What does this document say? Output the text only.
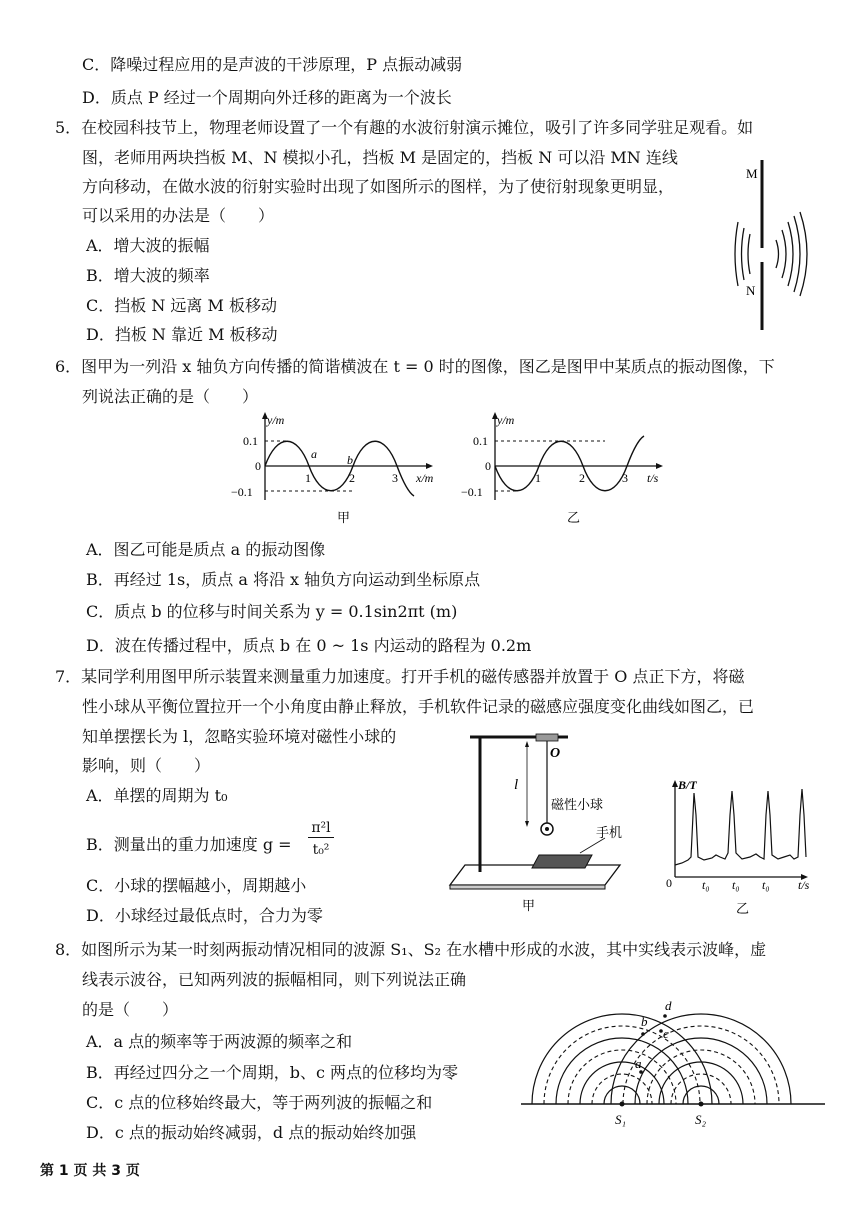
C．降噪过程应用的是声波的干涉原理，P 点振动减弱
D．质点 P 经过一个周期向外迁移的距离为一个波长
5．在校园科技节上，物理老师设置了一个有趣的水波衍射演示摊位，吸引了许多同学驻足观看。如
图，老师用两块挡板 M、N 模拟小孔，挡板 M 是固定的，挡板 N 可以沿 MN 连线
方向移动，在做水波的衍射实验时出现了如图所示的图样，为了使衍射现象更明显，
可以采用的办法是（　　）
A．增大波的振幅
B．增大波的频率
C．挡板 N 远离 M 板移动
D．挡板 N 靠近 M 板移动
M
N
6．图甲为一列沿 x 轴负方向传播的简谐横波在 t = 0 时的图像，图乙是图甲中某质点的振动图像，下
列说法正确的是（　　）
y/m
0.1
0
−0.1
1	2	3 x/m
a	b
甲
y/m
0.1
0
−0.1
1	2	3 t/s
乙
A．图乙可能是质点 a 的振动图像
B．再经过 1s，质点 a 将沿 x 轴负方向运动到坐标原点
C．质点 b 的位移与时间关系为 y = 0.1sin2πt (m)
D．波在传播过程中，质点 b 在 0 ~ 1s 内运动的路程为 0.2m
7．某同学利用图甲所示装置来测量重力加速度。打开手机的磁传感器并放置于 O 点正下方，将磁
性小球从平衡位置拉开一个小角度由静止释放，手机软件记录的磁感应强度变化曲线如图乙，已
知单摆摆长为 l，忽略实验环境对磁性小球的
影响，则（　　）
A．单摆的周期为 t₀
B．测量出的重力加速度 g =
π²l
t₀²
C．小球的摆幅越小，周期越小
D．小球经过最低点时，合力为零
l
O
磁性小球
手机
甲
B/T
0	t₀ t₀ t₀ t/s
乙
8．如图所示为某一时刻两振动情况相同的波源 S₁、S₂ 在水槽中形成的水波，其中实线表示波峰，虚
线表示波谷，已知两列波的振幅相同，则下列说法正确
的是（　　）
A．a 点的频率等于两波源的频率之和
B．再经过四分之一个周期，b、c 两点的位移均为零
C．c 点的位移始终最大，等于两列波的振幅之和
D．c 点的振动始终减弱，d 点的振动始终加强
a
b
c
d
S₁	S₂
第 1 页 共 3 页
